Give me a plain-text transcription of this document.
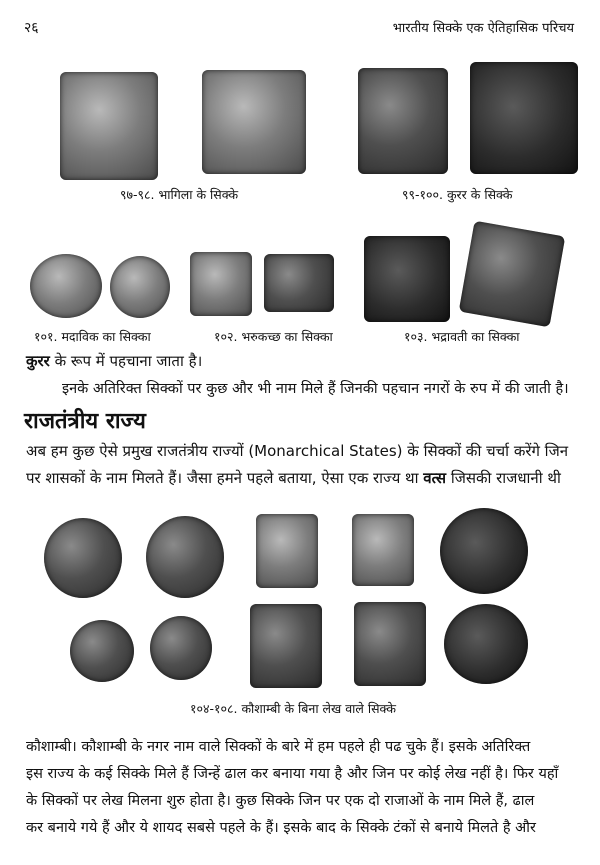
२६	भारतीय सिक्के एक ऐतिहासिक परिचय
९७-९८. भागिला के सिक्के	९९-१००. कुरर के सिक्के
१०१. मदाविक का सिक्का	१०२. भरुकच्छ का सिक्का	१०३. भद्रावती का सिक्का
कुरर के रूप में पहचाना जाता है।
इनके अतिरिक्त सिक्कों पर कुछ और भी नाम मिले हैं जिनकी पहचान नगरों के रुप में की जाती है।
राजतंत्रीय राज्य
अब हम कुछ ऐसे प्रमुख राजतंत्रीय राज्यों (Monarchical States) के सिक्कों की चर्चा करेंगे जिन
पर शासकों के नाम मिलते हैं। जैसा हमने पहले बताया, ऐसा एक राज्य था वत्स जिसकी राजधानी थी
१०४-१०८. कौशाम्बी के बिना लेख वाले सिक्के
कौशाम्बी। कौशाम्बी के नगर नाम वाले सिक्कों के बारे में हम पहले ही पढ चुके हैं। इसके अतिरिक्त
इस राज्य के कई सिक्के मिले हैं जिन्हें ढाल कर बनाया गया है और जिन पर कोई लेख नहीं है। फिर यहाँ
के सिक्कों पर लेख मिलना शुरु होता है। कुछ सिक्के जिन पर एक दो राजाओं के नाम मिले हैं, ढाल
कर बनाये गये हैं और ये शायद सबसे पहले के हैं। इसके बाद के सिक्के टंकों से बनाये मिलते है और
